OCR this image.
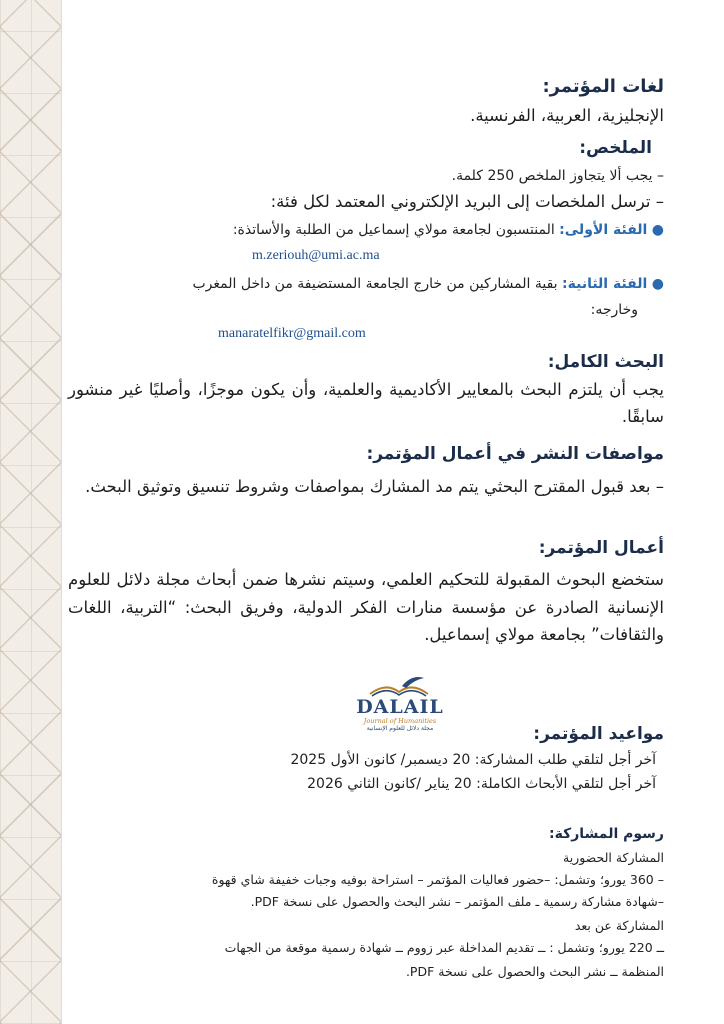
لغات المؤتمر:
الإنجليزية، العربية، الفرنسية.
الملخص:
– يجب ألا يتجاوز الملخص 250 كلمة.
– ترسل الملخصات إلى البريد الإلكتروني المعتمد لكل فئة:
● الفئة الأولى: المنتسبون لجامعة مولاي إسماعيل من الطلبة والأساتذة:
m.zeriouh@umi.ac.ma
● الفئة الثانية: بقية المشاركين من خارج الجامعة المستضيفة من داخل المغرب
وخارجه:
manaratelfikr@gmail.com
البحث الكامل:
يجب أن يلتزم البحث بالمعايير الأكاديمية والعلمية، وأن يكون موجزًا، وأصليًا غير منشور سابقًا.
مواصفات النشر في أعمال المؤتمر:
– بعد قبول المقترح البحثي يتم مد المشارك بمواصفات وشروط تنسيق وتوثيق البحث.
أعمال المؤتمر:
ستخضع البحوث المقبولة للتحكيم العلمي، وسيتم نشرها ضمن أبحاث مجلة دلائل للعلوم الإنسانية الصادرة عن مؤسسة منارات الفكر الدولية، وفريق البحث: “التربية، اللغات والثقافات” بجامعة مولاي إسماعيل.
DALAIL
Journal of Humanities
مجلة دلائل للعلوم الإنسانية	مواعيد المؤتمر:
آخر أجل لتلقي طلب المشاركة: 20 ديسمبر/ كانون الأول 2025
آخر أجل لتلقي الأبحاث الكاملة: 20 يناير /كانون الثاني 2026
رسوم المشاركة:
المشاركة الحضورية
– 360 يورو؛ وتشمل: –حضور فعاليات المؤتمر – استراحة بوفيه وجبات خفيفة شاي قهوة
–شهادة مشاركة رسمية ـ ملف المؤتمر – نشر البحث والحصول على نسخة PDF.
المشاركة عن بعد
ــ 220 يورو؛ وتشمل : ــ تقديم المداخلة عبر زووم ــ شهادة رسمية موقعة من الجهات
المنظمة ــ نشر البحث والحصول على نسخة PDF.
